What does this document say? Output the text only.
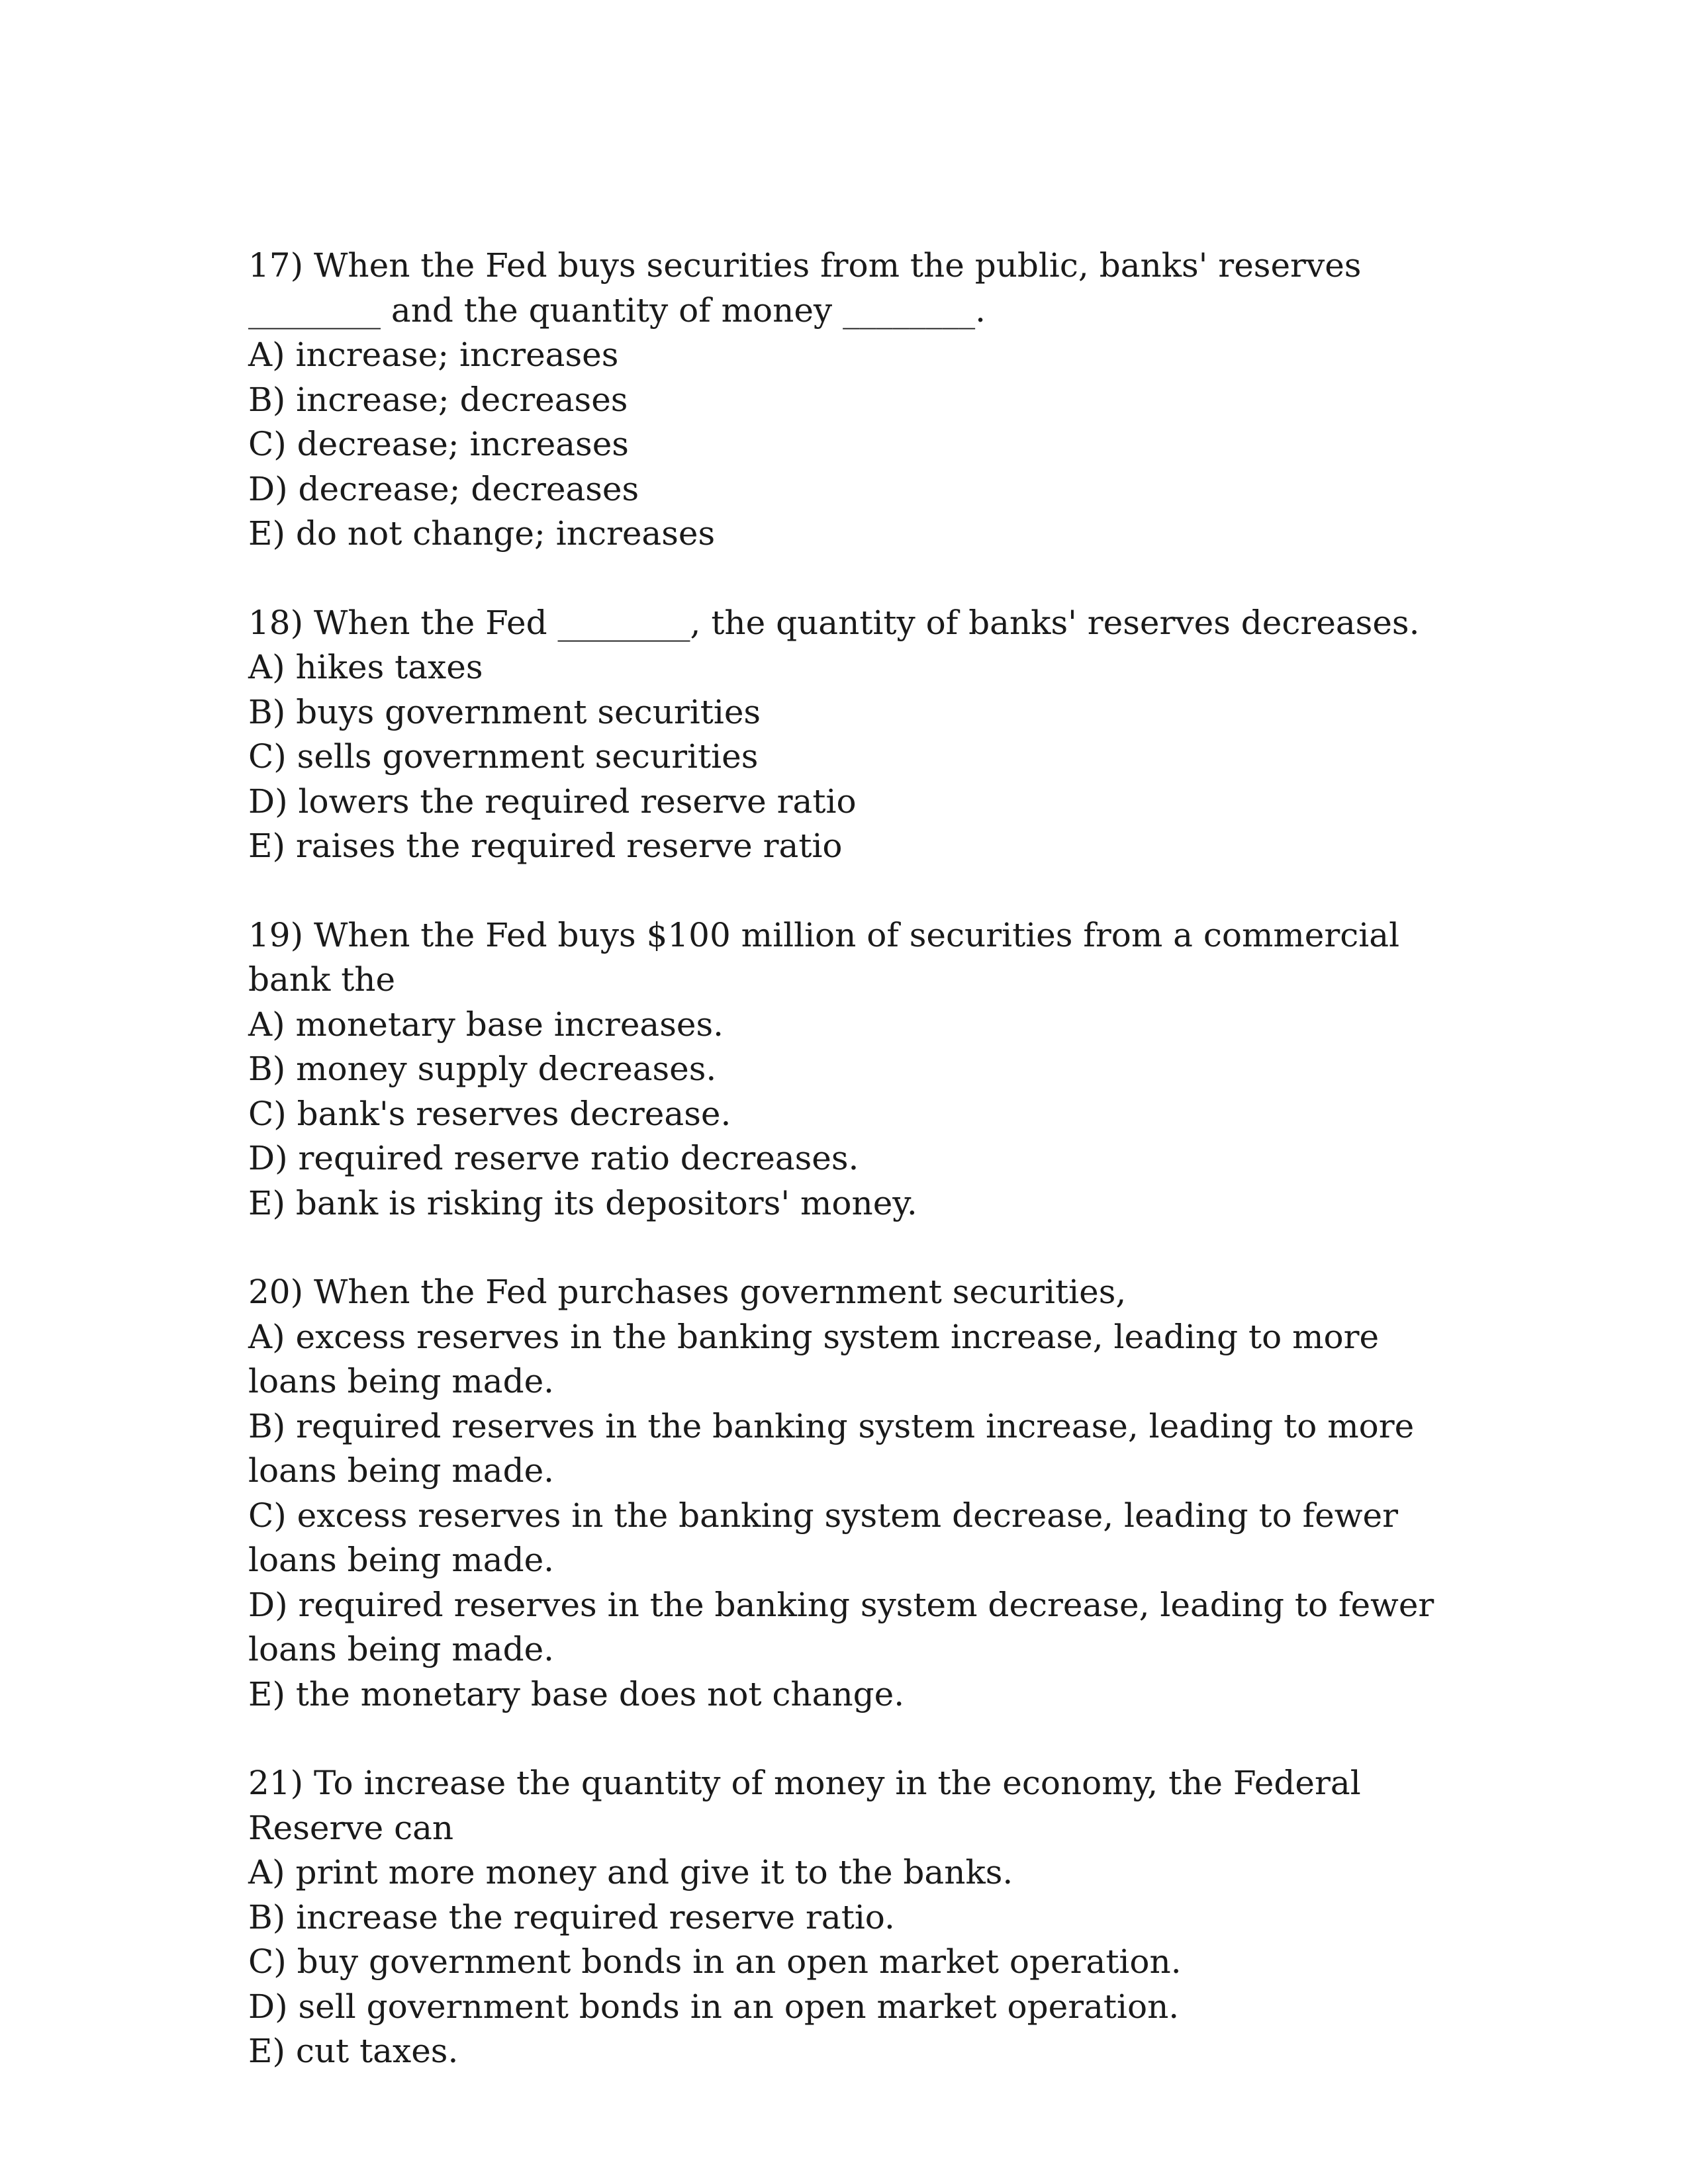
17) When the Fed buys securities from the public, banks' reserves ________ and the quantity of money ________.
A) increase; increases
B) increase; decreases
C) decrease; increases
D) decrease; decreases
E) do not change; increases
18) When the Fed ________, the quantity of banks' reserves decreases.
A) hikes taxes
B) buys government securities
C) sells government securities
D) lowers the required reserve ratio
E) raises the required reserve ratio
19) When the Fed buys $100 million of securities from a commercial bank the
A) monetary base increases.
B) money supply decreases.
C) bank's reserves decrease.
D) required reserve ratio decreases.
E) bank is risking its depositors' money.
20) When the Fed purchases government securities,
A) excess reserves in the banking system increase, leading to more loans being made.
B) required reserves in the banking system increase, leading to more loans being made.
C) excess reserves in the banking system decrease, leading to fewer loans being made.
D) required reserves in the banking system decrease, leading to fewer loans being made.
E) the monetary base does not change.
21) To increase the quantity of money in the economy, the Federal Reserve can
A) print more money and give it to the banks.
B) increase the required reserve ratio.
C) buy government bonds in an open market operation.
D) sell government bonds in an open market operation.
E) cut taxes.
